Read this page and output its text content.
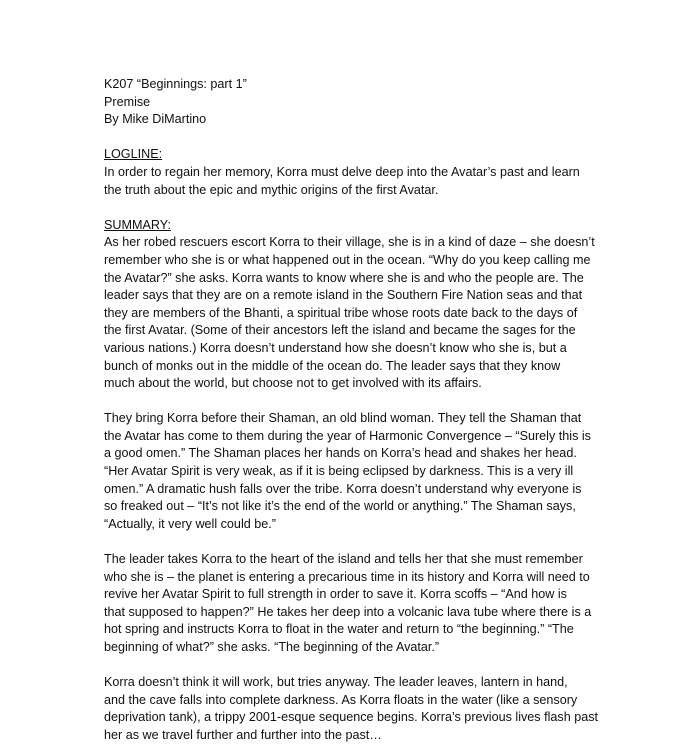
K207 “Beginnings: part 1”
Premise
By Mike DiMartino
LOGLINE:
In order to regain her memory, Korra must delve deep into the Avatar’s past and learn
the truth about the epic and mythic origins of the first Avatar.
SUMMARY:
As her robed rescuers escort Korra to their village, she is in a kind of daze – she doesn’t
remember who she is or what happened out in the ocean. “Why do you keep calling me
the Avatar?” she asks. Korra wants to know where she is and who the people are. The
leader says that they are on a remote island in the Southern Fire Nation seas and that
they are members of the Bhanti, a spiritual tribe whose roots date back to the days of
the first Avatar. (Some of their ancestors left the island and became the sages for the
various nations.) Korra doesn’t understand how she doesn’t know who she is, but a
bunch of monks out in the middle of the ocean do. The leader says that they know
much about the world, but choose not to get involved with its affairs.
They bring Korra before their Shaman, an old blind woman. They tell the Shaman that
the Avatar has come to them during the year of Harmonic Convergence – “Surely this is
a good omen.” The Shaman places her hands on Korra’s head and shakes her head.
“Her Avatar Spirit is very weak, as if it is being eclipsed by darkness. This is a very ill
omen.” A dramatic hush falls over the tribe. Korra doesn’t understand why everyone is
so freaked out – “It’s not like it’s the end of the world or anything.” The Shaman says,
“Actually, it very well could be.”
The leader takes Korra to the heart of the island and tells her that she must remember
who she is – the planet is entering a precarious time in its history and Korra will need to
revive her Avatar Spirit to full strength in order to save it. Korra scoffs – “And how is
that supposed to happen?” He takes her deep into a volcanic lava tube where there is a
hot spring and instructs Korra to float in the water and return to “the beginning.” “The
beginning of what?” she asks. “The beginning of the Avatar.”
Korra doesn’t think it will work, but tries anyway. The leader leaves, lantern in hand,
and the cave falls into complete darkness. As Korra floats in the water (like a sensory
deprivation tank), a trippy 2001-esque sequence begins. Korra’s previous lives flash past
her as we travel further and further into the past…
